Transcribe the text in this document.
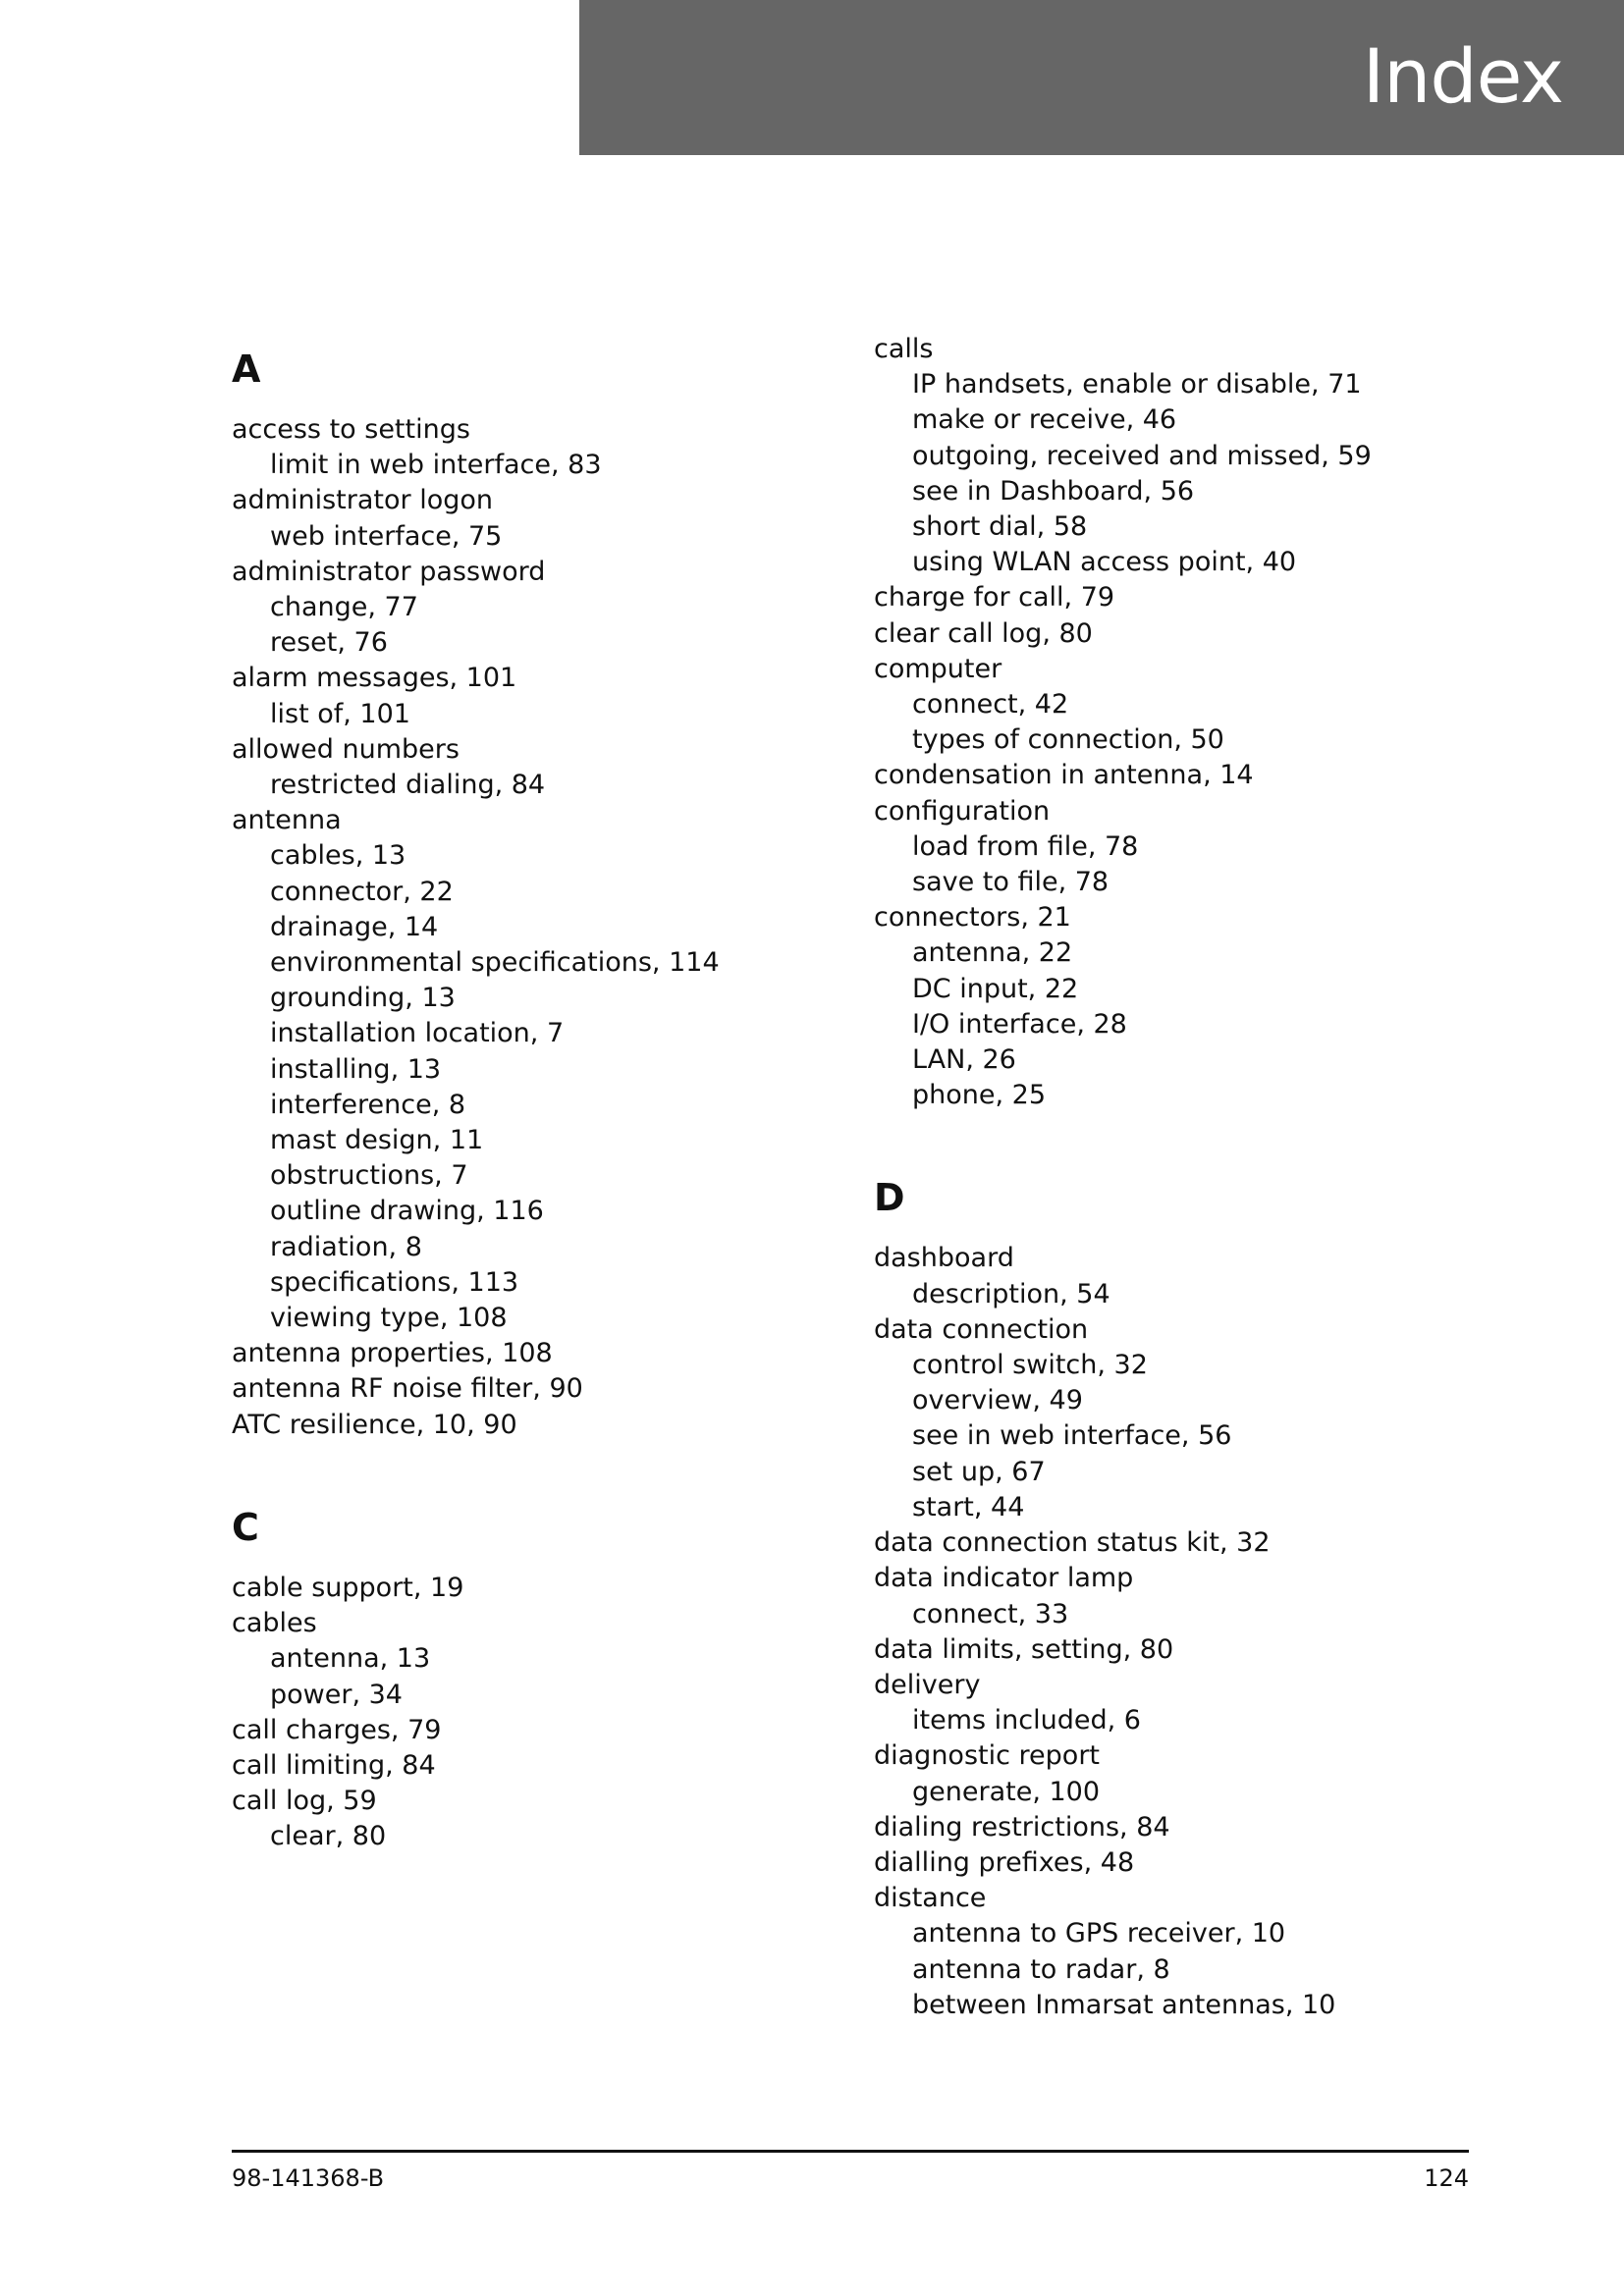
Index
A
access to settings
limit in web interface, 83
administrator logon
web interface, 75
administrator password
change, 77
reset, 76
alarm messages, 101
list of, 101
allowed numbers
restricted dialing, 84
antenna
cables, 13
connector, 22
drainage, 14
environmental specifications, 114
grounding, 13
installation location, 7
installing, 13
interference, 8
mast design, 11
obstructions, 7
outline drawing, 116
radiation, 8
specifications, 113
viewing type, 108
antenna properties, 108
antenna RF noise filter, 90
ATC resilience, 10, 90
C
cable support, 19
cables
antenna, 13
power, 34
call charges, 79
call limiting, 84
call log, 59
clear, 80
calls
IP handsets, enable or disable, 71
make or receive, 46
outgoing, received and missed, 59
see in Dashboard, 56
short dial, 58
using WLAN access point, 40
charge for call, 79
clear call log, 80
computer
connect, 42
types of connection, 50
condensation in antenna, 14
configuration
load from file, 78
save to file, 78
connectors, 21
antenna, 22
DC input, 22
I/O interface, 28
LAN, 26
phone, 25
D
dashboard
description, 54
data connection
control switch, 32
overview, 49
see in web interface, 56
set up, 67
start, 44
data connection status kit, 32
data indicator lamp
connect, 33
data limits, setting, 80
delivery
items included, 6
diagnostic report
generate, 100
dialing restrictions, 84
dialling prefixes, 48
distance
antenna to GPS receiver, 10
antenna to radar, 8
between Inmarsat antennas, 10
98-141368-B	124
